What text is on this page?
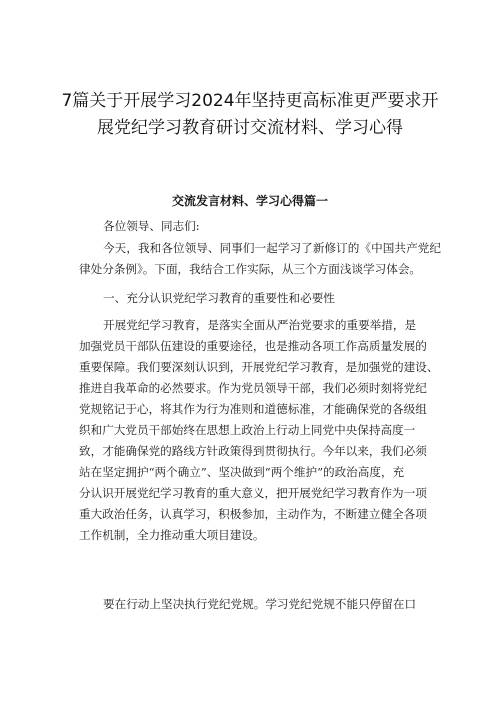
7篇关于开展学习2024年坚持更高标准更严要求开展党纪学习教育研讨交流材料、学习心得
交流发言材料、学习心得篇一
各位领导、同志们:
今天，我和各位领导、同事们一起学习了新修订的《中国共产党纪律处分条例》。下面，我结合工作实际，从三个方面浅谈学习体会。
一、充分认识党纪学习教育的重要性和必要性
开展党纪学习教育，是落实全面从严治党要求的重要举措，是
加强党员干部队伍建设的重要途径，也是推动各项工作高质量发展的
重要保障。我们要深刻认识到，开展党纪学习教育，是加强党的建设、
推进自我革命的必然要求。作为党员领导干部，我们必须时刻将党纪
党规铭记于心，将其作为行为准则和道德标准，才能确保党的各级组
织和广大党员干部始终在思想上政治上行动上同党中央保持高度一
致，才能确保党的路线方针政策得到贯彻执行。今年以来，我们必须
站在坚定拥护“两个确立”、坚决做到“两个维护”的政治高度，充
分认识开展党纪学习教育的重大意义，把开展党纪学习教育作为一项
重大政治任务，认真学习，积极参加，主动作为，不断建立健全各项
工作机制，全力推动重大项目建设。
要在行动上坚决执行党纪党规。学习党纪党规不能只停留在口
